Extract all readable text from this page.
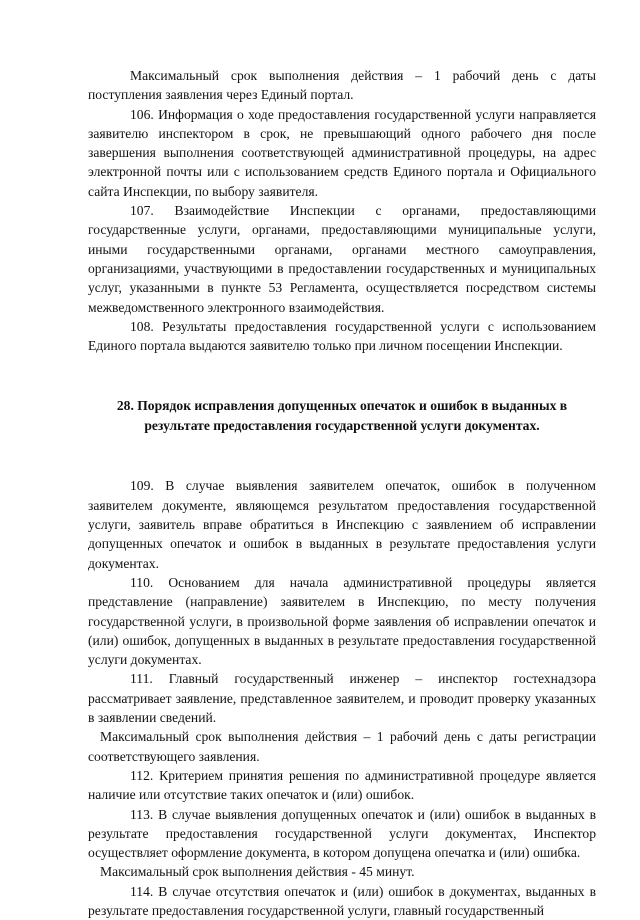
Максимальный срок выполнения действия – 1 рабочий день с даты поступления заявления через Единый портал.

106. Информация о ходе предоставления государственной услуги направляется заявителю инспектором в срок, не превышающий одного рабочего дня после завершения выполнения соответствующей административной процедуры, на адрес электронной почты или с использованием средств Единого портала и Официального сайта Инспекции, по выбору заявителя.

107. Взаимодействие Инспекции с органами, предоставляющими государственные услуги, органами, предоставляющими муниципальные услуги, иными государственными органами, органами местного самоуправления, организациями, участвующими в предоставлении государственных и муниципальных услуг, указанными в пункте 53 Регламента, осуществляется посредством системы межведомственного электронного взаимодействия.

108. Результаты предоставления государственной услуги с использованием Единого портала выдаются заявителю только при личном посещении Инспекции.

28. Порядок исправления допущенных опечаток и ошибок в выданных в результате предоставления государственной услуги документах.

109. В случае выявления заявителем опечаток, ошибок в полученном заявителем документе, являющемся результатом предоставления государственной услуги, заявитель вправе обратиться в Инспекцию с заявлением об исправлении допущенных опечаток и ошибок в выданных в результате предоставления услуги документах.

110. Основанием для начала административной процедуры является представление (направление) заявителем в Инспекцию, по месту получения государственной услуги, в произвольной форме заявления об исправлении опечаток и (или) ошибок, допущенных в выданных в результате предоставления государственной услуги документах.

111. Главный государственный инженер – инспектор гостехнадзора рассматривает заявление, представленное заявителем, и проводит проверку указанных в заявлении сведений.

Максимальный срок выполнения действия – 1 рабочий день с даты регистрации соответствующего заявления.

112. Критерием принятия решения по административной процедуре является наличие или отсутствие таких опечаток и (или) ошибок.

113. В случае выявления допущенных опечаток и (или) ошибок в выданных в результате предоставления государственной услуги документах, Инспектор осуществляет оформление документа, в котором допущена опечатка и (или) ошибка.

Максимальный срок выполнения действия - 45 минут.

114. В случае отсутствия опечаток и (или) ошибок в документах, выданных в результате предоставления государственной услуги, главный государственный
